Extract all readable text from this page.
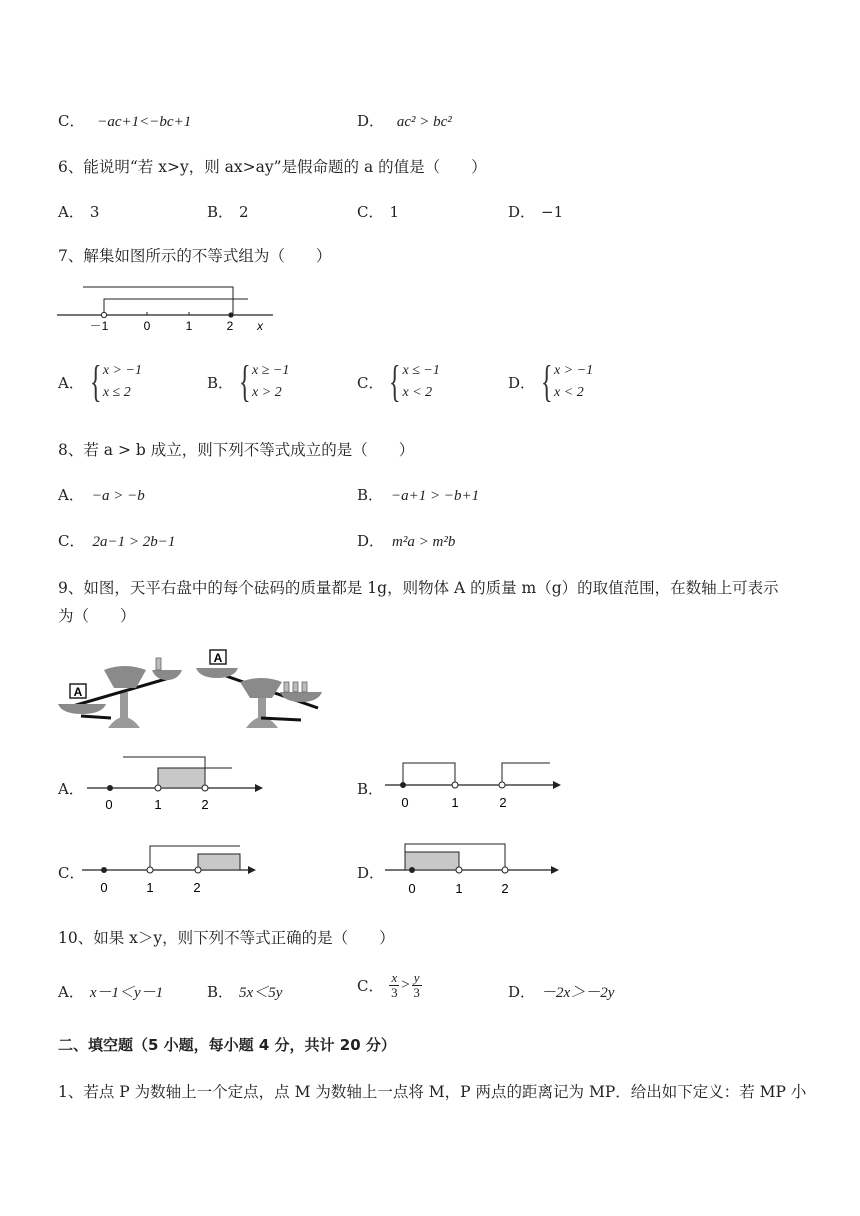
C． −ac+1<−bc+1	D． ac² > bc²
6、能说明“若 x>y，则 ax>ay”是假命题的 a 的值是（　　）
A． 3	B． 2	C． 1	D． −1
7、解集如图所示的不等式组为（　　）
－1	0	1	2 x
A． { x > −1
x ≤ 2
B． { x ≥ −1
x > 2
C． { x ≤ −1
x < 2
D． { x > −1
x < 2
8、若 a > b 成立，则下列不等式成立的是（　　）
A． −a > −b	B． −a+1 > −b+1
C． 2a−1 > 2b−1	D． m²a > m²b
9、如图，天平右盘中的每个砝码的质量都是 1g，则物体 A 的质量 m（g）的取值范围，在数轴上可表示
为（　　）
A
A
A．
0	1	2
B．
0	1	2
C．
0	1	2
D．
0	1	2
10、如果 x＞y，则下列不等式正确的是（　　）
A． x－1＜y－1	B． 5x＜5y	C． $\frac{x}{3} > \frac{y}{3}$	D． －2x＞－2y
二、填空题（5 小题，每小题 4 分，共计 20 分）
1、若点 P 为数轴上一个定点，点 M 为数轴上一点将 M，P 两点的距离记为 MP．给出如下定义：若 MP 小
